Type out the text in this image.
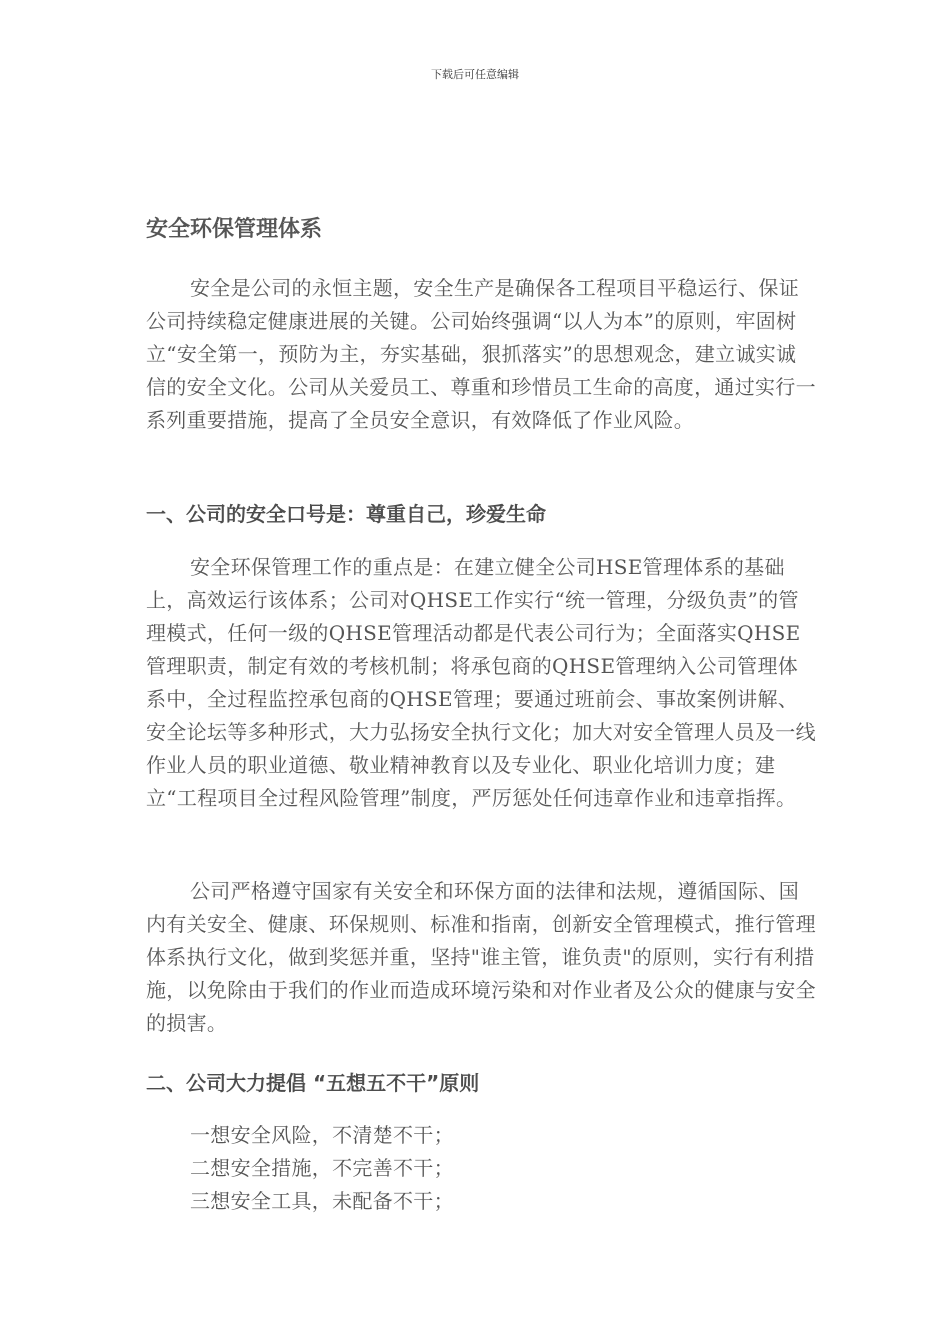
下载后可任意编辑
安全环保管理体系

安全是公司的永恒主题，安全生产是确保各工程项目平稳运行、保证公司持续稳定健康进展的关键。公司始终强调“以人为本”的原则，牢固树立“安全第一，预防为主，夯实基础，狠抓落实”的思想观念，建立诚实诚信的安全文化。公司从关爱员工、尊重和珍惜员工生命的高度，通过实行一系列重要措施，提高了全员安全意识，有效降低了作业风险。

一、公司的安全口号是：尊重自己，珍爱生命

安全环保管理工作的重点是：在建立健全公司HSE管理体系的基础上，高效运行该体系；公司对QHSE工作实行“统一管理，分级负责”的管理模式，任何一级的QHSE管理活动都是代表公司行为；全面落实QHSE管理职责，制定有效的考核机制；将承包商的QHSE管理纳入公司管理体系中，全过程监控承包商的QHSE管理；要通过班前会、事故案例讲解、安全论坛等多种形式，大力弘扬安全执行文化；加大对安全管理人员及一线作业人员的职业道德、敬业精神教育以及专业化、职业化培训力度；建立“工程项目全过程风险管理”制度，严厉惩处任何违章作业和违章指挥。

公司严格遵守国家有关安全和环保方面的法律和法规，遵循国际、国内有关安全、健康、环保规则、标准和指南，创新安全管理模式，推行管理体系执行文化，做到奖惩并重，坚持"谁主管，谁负责"的原则，实行有利措施，以免除由于我们的作业而造成环境污染和对作业者及公众的健康与安全的损害。

二、公司大力提倡 “五想五不干”原则
一想安全风险，不清楚不干；
二想安全措施，不完善不干；
三想安全工具，未配备不干；
